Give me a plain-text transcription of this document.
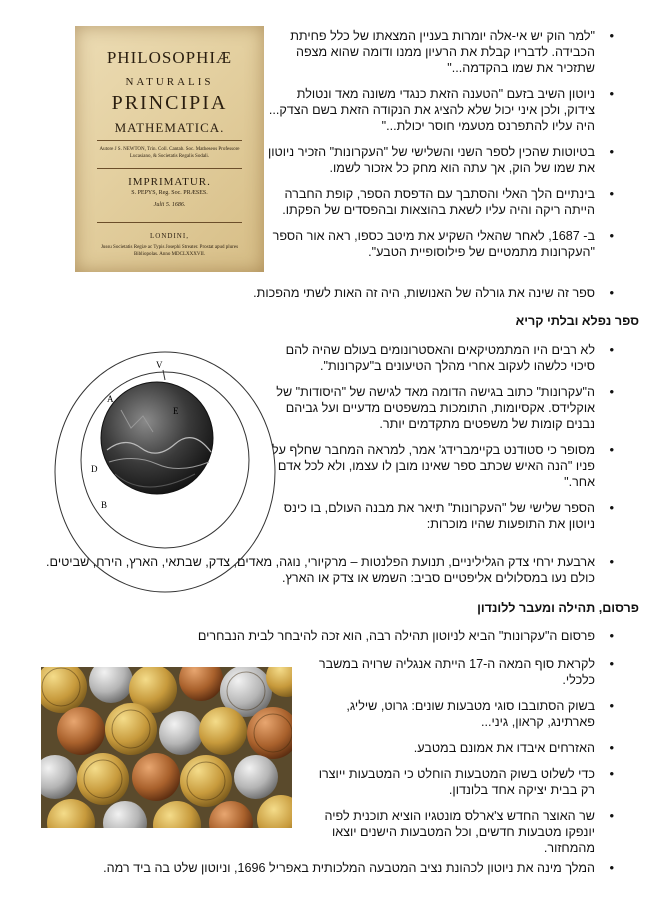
• "למר הוק יש אי-אלה יומרות בעניין המצאתו של כלל פחיתת הכבידה. לדבריו קבלת את הרעיון ממנו ודומה שהוא מצפה שתזכיר את שמו בהקדמה..."
• ניוטון השיב בזעם "הטענה הזאת כנגדי משונה מאד ונטולת צידוק, ולכן איני יכול שלא להציג את הנקודה הזאת בשם הצדק... היה עליו להתפרנס מטעמי חוסר יכולת..."
• בטיוטות שהכין לספר השני והשלישי של "העקרונות" הזכיר ניוטון את שמו של הוק, אך עתה הוא מחק כל אזכור לשמו.
• בינתיים הלך האלי והסתבך עם הדפסת הספר, קופת החברה הייתה ריקה והיה עליו לשאת בהוצאות ובהפסדים של הפקתו.
• ב- 1687, לאחר שהאלי השקיע את מיטב כספו, ראה אור הספר "העקרונות מתמטיים של פילוסופיית הטבע".
• ספר זה שינה את גורלה של האנושות, היה זה האות לשתי מהפכות.
PHILOSOPHIÆ
NATURALIS
PRINCIPIA
MATHEMATICA.
Autore J S. NEWTON, Trin. Coll. Cantab. Soc. Matheseos Professore Lucasiano, & Societatis Regalis Sodali.
IMPRIMATUR.
S. PEPYS, Reg. Soc. PRÆSES.
Julii 5. 1686.
LONDINI,
Jussu Societatis Regiæ ac Typis Josephi Streater. Prostat apud plures Bibliopolas. Anno MDCLXXXVII.
ספר נפלא ובלתי קריא
• לא רבים היו המתמטיקאים והאסטרונומים בעולם שהיה להם סיכוי כלשהו לעקוב אחרי מהלך הטיעונים ב"עקרונות".
• ה"עקרונות" כתוב בגישה הדומה מאד לגישה של "היסודות" של אוקלידס. אקסיומות, התומכות במשפטים מדעיים ועל גביהם נבנים קומות של משפטים מתקדמים יותר.
• מסופר כי סטודנט בקיימברידג' אמר, למראה המחבר שחלף על פניו "הנה האיש שכתב ספר שאינו מובן לו עצמו, ולא לכל אדם אחר."
• הספר שלישי של "העקרונות" תיאר את מבנה העולם, בו כינס ניוטון את התופעות שהיו מוכרות:
• ארבעת ירחי צדק הגליליניים, תנועת הפלנטות – מרקיורי, נוגה, מאדים, צדק, שבתאי, הארץ, הירח, שביטים. כולם נעו במסלולים אליפטיים סביב: השמש או צדק או הארץ.
V
A
B
D
E
פרסום, תהילה ומעבר ללונדון
• פרסום ה"עקרונות" הביא לניוטון תהילה רבה, הוא זכה להיבחר לבית הנבחרים
• לקראת סוף המאה ה-17 הייתה אנגליה שרויה במשבר כלכלי.
• בשוק הסתובבו סוגי מטבעות שונים: גרוט, שיליג, פארתינג, קראון, גיני...
• האזרחים איבדו את אמונם במטבע.
• כדי לשלוט בשוק המטבעות הוחלט כי המטבעות ייוצרו רק בבית יציקה אחד בלונדון.
• שר האוצר החדש צ'ארלס מונטגיו הוציא תוכנית לפיה יונפקו מטבעות חדשים, וכל המטבעות הישנים יוצאו מהמחזור.
• המלך מינה את ניוטון לכהונת נציב המטבעה המלכותית באפריל 1696, וניוטון שלט בה ביד רמה.
